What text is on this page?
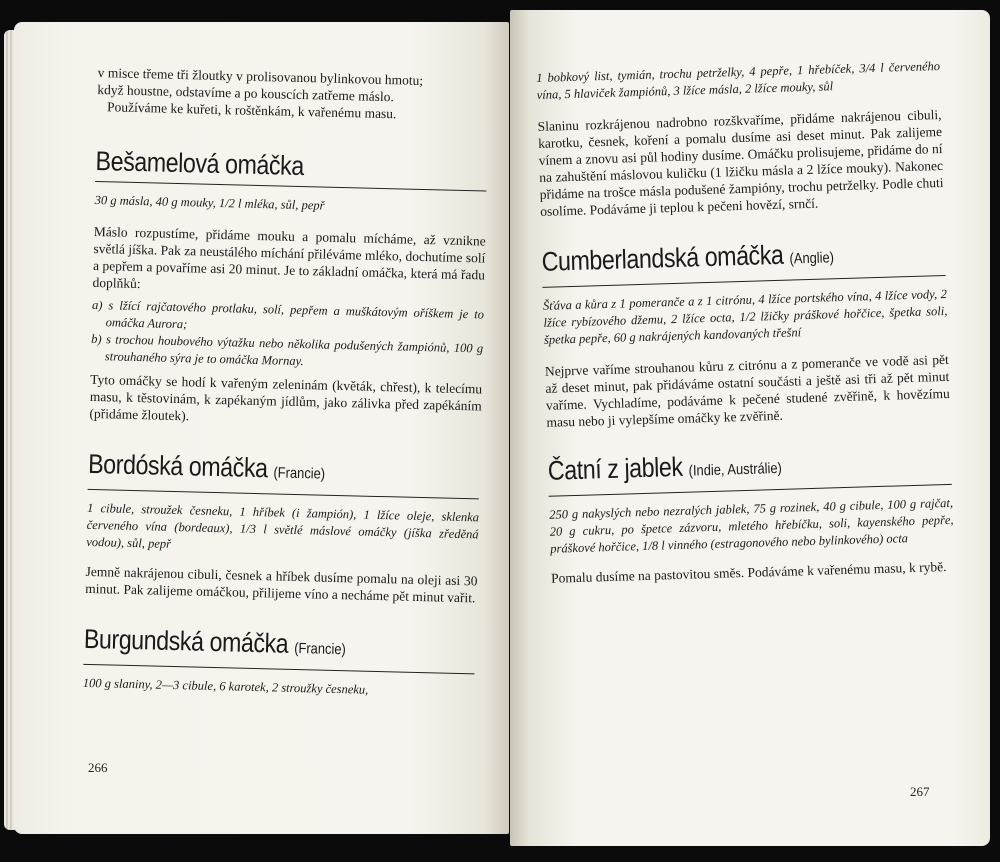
v misce třeme tři žloutky v prolisovanou bylinkovou hmotu;
když houstne, odstavíme a po kouscích zatřeme máslo.
Používáme ke kuřeti, k roštěnkám, k vařenému masu.

Bešamelová omáčka

30 g másla, 40 g mouky, 1/2 l mléka, sůl, pepř

Máslo rozpustíme, přidáme mouku a pomalu mícháme, až vznikne světlá jíška. Pak za neustálého míchání přiléváme mléko, dochutíme solí a pepřem a povaříme asi 20 minut. Je to základní omáčka, která má řadu doplňků:

a) s lžící rajčatového protlaku, solí, pepřem a muškátovým oříškem je to omáčka Aurora;

b) s trochou houbového výtažku nebo několika podušených žampiónů, 100 g strouhaného sýra je to omáčka Mornay.

Tyto omáčky se hodí k vařeným zeleninám (květák, chřest), k telecímu masu, k těstovinám, k zapékaným jídlům, jako zálivka před zapékáním (přidáme žloutek).

Bordóská omáčka (Francie)

1 cibule, stroužek česneku, 1 hříbek (i žampión), 1 lžíce oleje, sklenka červeného vína (bordeaux), 1/3 l světlé máslové omáčky (jíška zředěná vodou), sůl, pepř

Jemně nakrájenou cibuli, česnek a hříbek dusíme pomalu na oleji asi 30 minut. Pak zalijeme omáčkou, přilijeme víno a necháme pět minut vařit.

Burgundská omáčka (Francie)

100 g slaniny, 2—3 cibule, 6 karotek, 2 stroužky česneku,

266

1 bobkový list, tymián, trochu petrželky, 4 pepře, 1 hřebíček, 3/4 l červeného vína, 5 hlaviček žampiónů, 3 lžíce másla, 2 lžíce mouky, sůl

Slaninu rozkrájenou nadrobno rozškvaříme, přidáme nakrájenou cibuli, karotku, česnek, koření a pomalu dusíme asi deset minut. Pak zalijeme vínem a znovu asi půl hodiny dusíme. Omáčku prolisujeme, přidáme do ní na zahuštění máslovou kuličku (1 lžičku másla a 2 lžíce mouky). Nakonec přidáme na trošce másla podušené žampióny, trochu petrželky. Podle chuti osolíme. Podáváme ji teplou k pečeni hovězí, srnčí.

Cumberlandská omáčka (Anglie)

Šťáva a kůra z 1 pomeranče a z 1 citrónu, 4 lžíce portského vína, 4 lžíce vody, 2 lžíce rybízového džemu, 2 lžíce octa, 1/2 lžičky práškové hořčice, špetka soli, špetka pepře, 60 g nakrájených kandovaných třešní

Nejprve vaříme strouhanou kůru z citrónu a z pomeranče ve vodě asi pět až deset minut, pak přidáváme ostatní součásti a ještě asi tři až pět minut vaříme. Vychladíme, podáváme k pečené studené zvěřině, k hovězímu masu nebo ji vylepšíme omáčky ke zvěřině.

Čatní z jablek (Indie, Austrálie)

250 g nakyslých nebo nezralých jablek, 75 g rozinek, 40 g cibule, 100 g rajčat, 20 g cukru, po špetce zázvoru, mletého hřebíčku, soli, kayenského pepře, práškové hořčice, 1/8 l vinného (estragonového nebo bylinkového) octa

Pomalu dusíme na pastovitou směs. Podáváme k vařenému masu, k rybě.

267
